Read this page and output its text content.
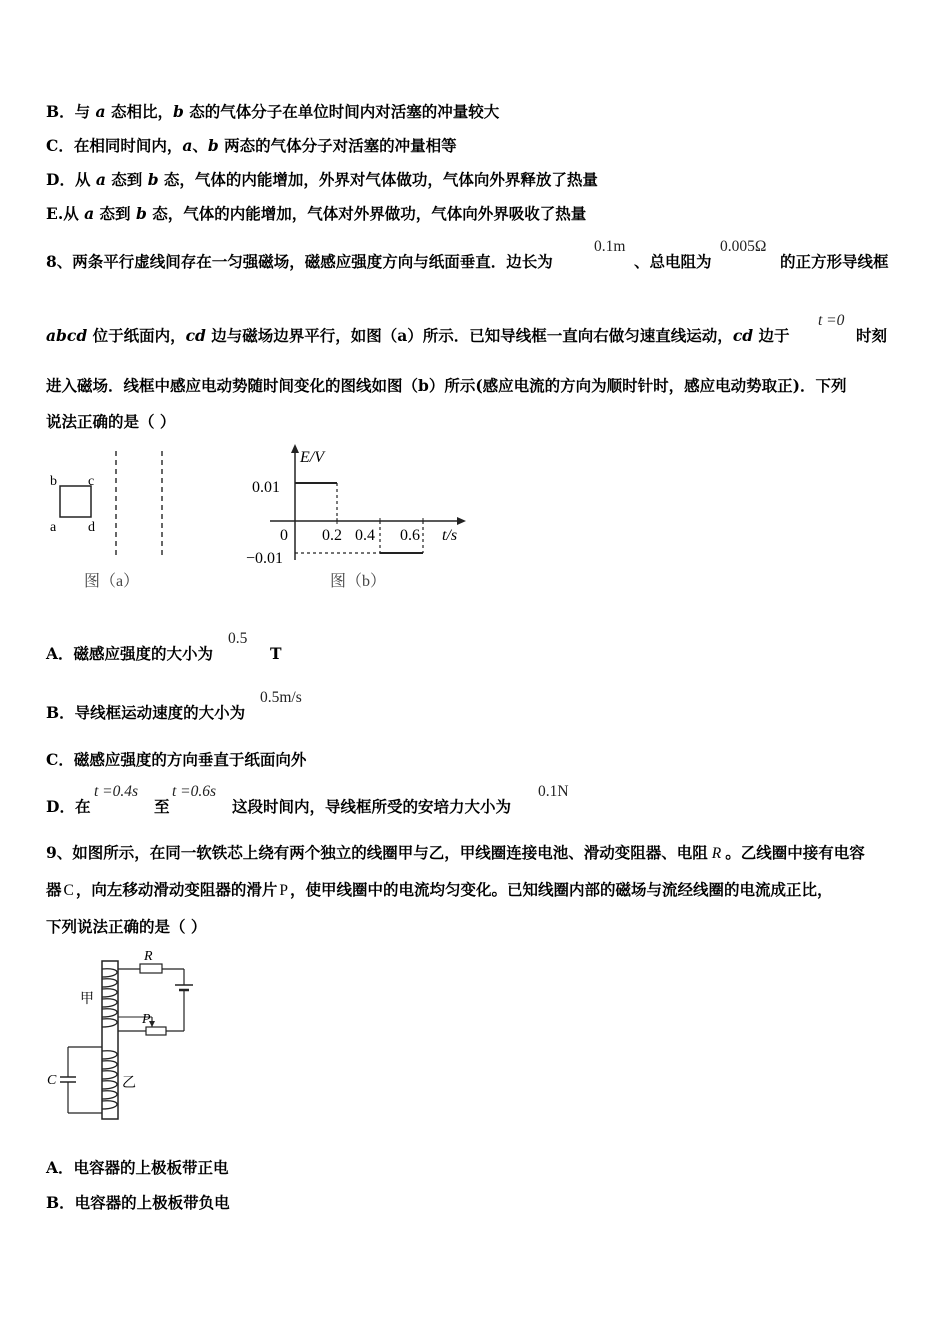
B．与 a 态相比，b 态的气体分子在单位时间内对活塞的冲量较大
C．在相同时间内，a、b 两态的气体分子对活塞的冲量相等
D．从 a 态到 b 态，气体的内能增加，外界对气体做功，气体向外界释放了热量
E.从 a 态到 b 态，气体的内能增加，气体对外界做功，气体向外界吸收了热量
8、两条平行虚线间存在一匀强磁场，磁感应强度方向与纸面垂直．边长为
0.1m
、总电阻为
0.005Ω
的正方形导线框
abcd 位于纸面内，cd 边与磁场边界平行，如图（a）所示．已知导线框一直向右做匀速直线运动，cd 边于
t =0
时刻
进入磁场．线框中感应电动势随时间变化的图线如图（b）所示(感应电流的方向为顺时针时，感应电动势取正)．下列
说法正确的是（ ）
b c
a d
图（a）
E/V
0.01
−0.01
0 0.2 0.4 0.6 t/s
图（b）
A．磁感应强度的大小为
0.5
T
B．导线框运动速度的大小为
0.5m/s
C．磁感应强度的方向垂直于纸面向外
D．在
t =0.4s
至
t =0.6s
这段时间内，导线框所受的安培力大小为
0.1N
9、如图所示，在同一软铁芯上绕有两个独立的线圈甲与乙，甲线圈连接电池、滑动变阻器、电阻 R 。乙线圈中接有电容
器 C ，向左移动滑动变阻器的滑片 P ，使甲线圈中的电流均匀变化。已知线圈内部的磁场与流经线圈的电流成正比，
下列说法正确的是（ ）
R
P
甲
乙
C
A．电容器的上极板带正电
B．电容器的上极板带负电
